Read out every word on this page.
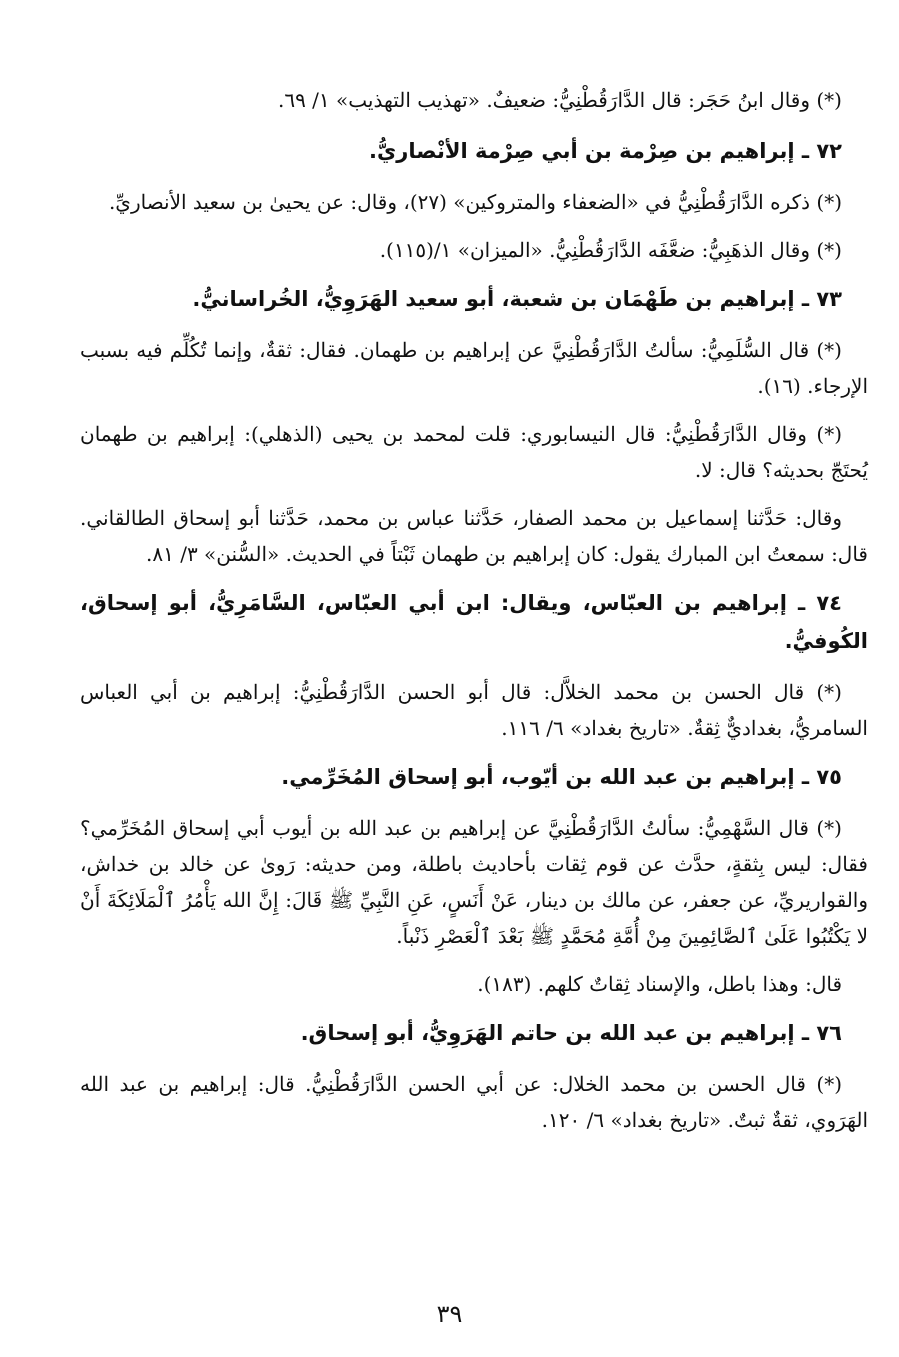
(*) وقال ابنُ حَجَر: قال الدَّارَقُطْنِيُّ: ضعيفٌ. «تهذيب التهذيب» ١/ ٦٩.

٧٢ ـ إبراهيم بن صِرْمة بن أبي صِرْمة الأنْصاريُّ.

(*) ذكره الدَّارَقُطْنِيُّ في «الضعفاء والمتروكين» (٢٧)، وقال: عن يحيىٰ بن سعيد الأنصاريِّ.

(*) وقال الذهَبِيُّ: ضعَّفَه الدَّارَقُطْنِيُّ. «الميزان» ١/(١١٥).

٧٣ ـ إبراهيم بن طَهْمَان بن شعبة، أبو سعيد الهَرَوِيُّ، الخُراسانيُّ.

(*) قال السُّلَمِيُّ: سألتُ الدَّارَقُطْنِيَّ عن إبراهيم بن طهمان. فقال: ثقةٌ، وإنما تُكُلِّم فيه بسبب الإرجاء. (١٦).

(*) وقال الدَّارَقُطْنِيُّ: قال النيسابوري: قلت لمحمد بن يحيى (الذهلي): إبراهيم بن طهمان يُحتَجّ بحديثه؟ قال: لا.

وقال: حَدَّثنا إسماعيل بن محمد الصفار، حَدَّثنا عباس بن محمد، حَدَّثنا أبو إسحاق الطالقاني. قال: سمعتُ ابن المبارك يقول: كان إبراهيم بن طهمان ثَبْتاً في الحديث. «السُّنن» ٣/ ٨١.

٧٤ ـ إبراهيم بن العبّاس، ويقال: ابن أبي العبّاس، السَّامَرِيُّ، أبو إسحاق، الكُوفيُّ.

(*) قال الحسن بن محمد الخلاَّل: قال أبو الحسن الدَّارَقُطْنِيُّ: إبراهيم بن أبي العباس السامريُّ، بغداديٌّ ثِقةٌ. «تاريخ بغداد» ٦/ ١١٦.

٧٥ ـ إبراهيم بن عبد الله بن أيّوب، أبو إسحاق المُخَرِّمي.

(*) قال السَّهْمِيُّ: سألتُ الدَّارَقُطْنِيَّ عن إبراهيم بن عبد الله بن أيوب أبي إسحاق المُخَرِّمي؟ فقال: ليس بِثقةٍ، حدَّث عن قوم ثِقات بأحاديث باطلة، ومن حديثه: رَوىٰ عن خالد بن خداش، والقواريريِّ، عن جعفر، عن مالك بن دينار، عَنْ أَنَسٍ، عَنِ النَّبِيِّ ﷺ قَالَ: إِنَّ الله يَأْمُرُ ٱلْمَلَائِكَةَ أَنْ لا يَكْتُبُوا عَلَىٰ ٱلصَّائِمِينَ مِنْ أُمَّةِ مُحَمَّدٍ ﷺ بَعْدَ ٱلْعَصْرِ ذَنْباً.

قال: وهذا باطل، والإسناد ثِقاتٌ كلهم. (١٨٣).

٧٦ ـ إبراهيم بن عبد الله بن حاتم الهَرَوِيُّ، أبو إسحاق.

(*) قال الحسن بن محمد الخلال: عن أبي الحسن الدَّارَقُطْنِيُّ. قال: إبراهيم بن عبد الله الهَرَوي، ثقةٌ ثبتٌ. «تاريخ بغداد» ٦/ ١٢٠.

٣٩
